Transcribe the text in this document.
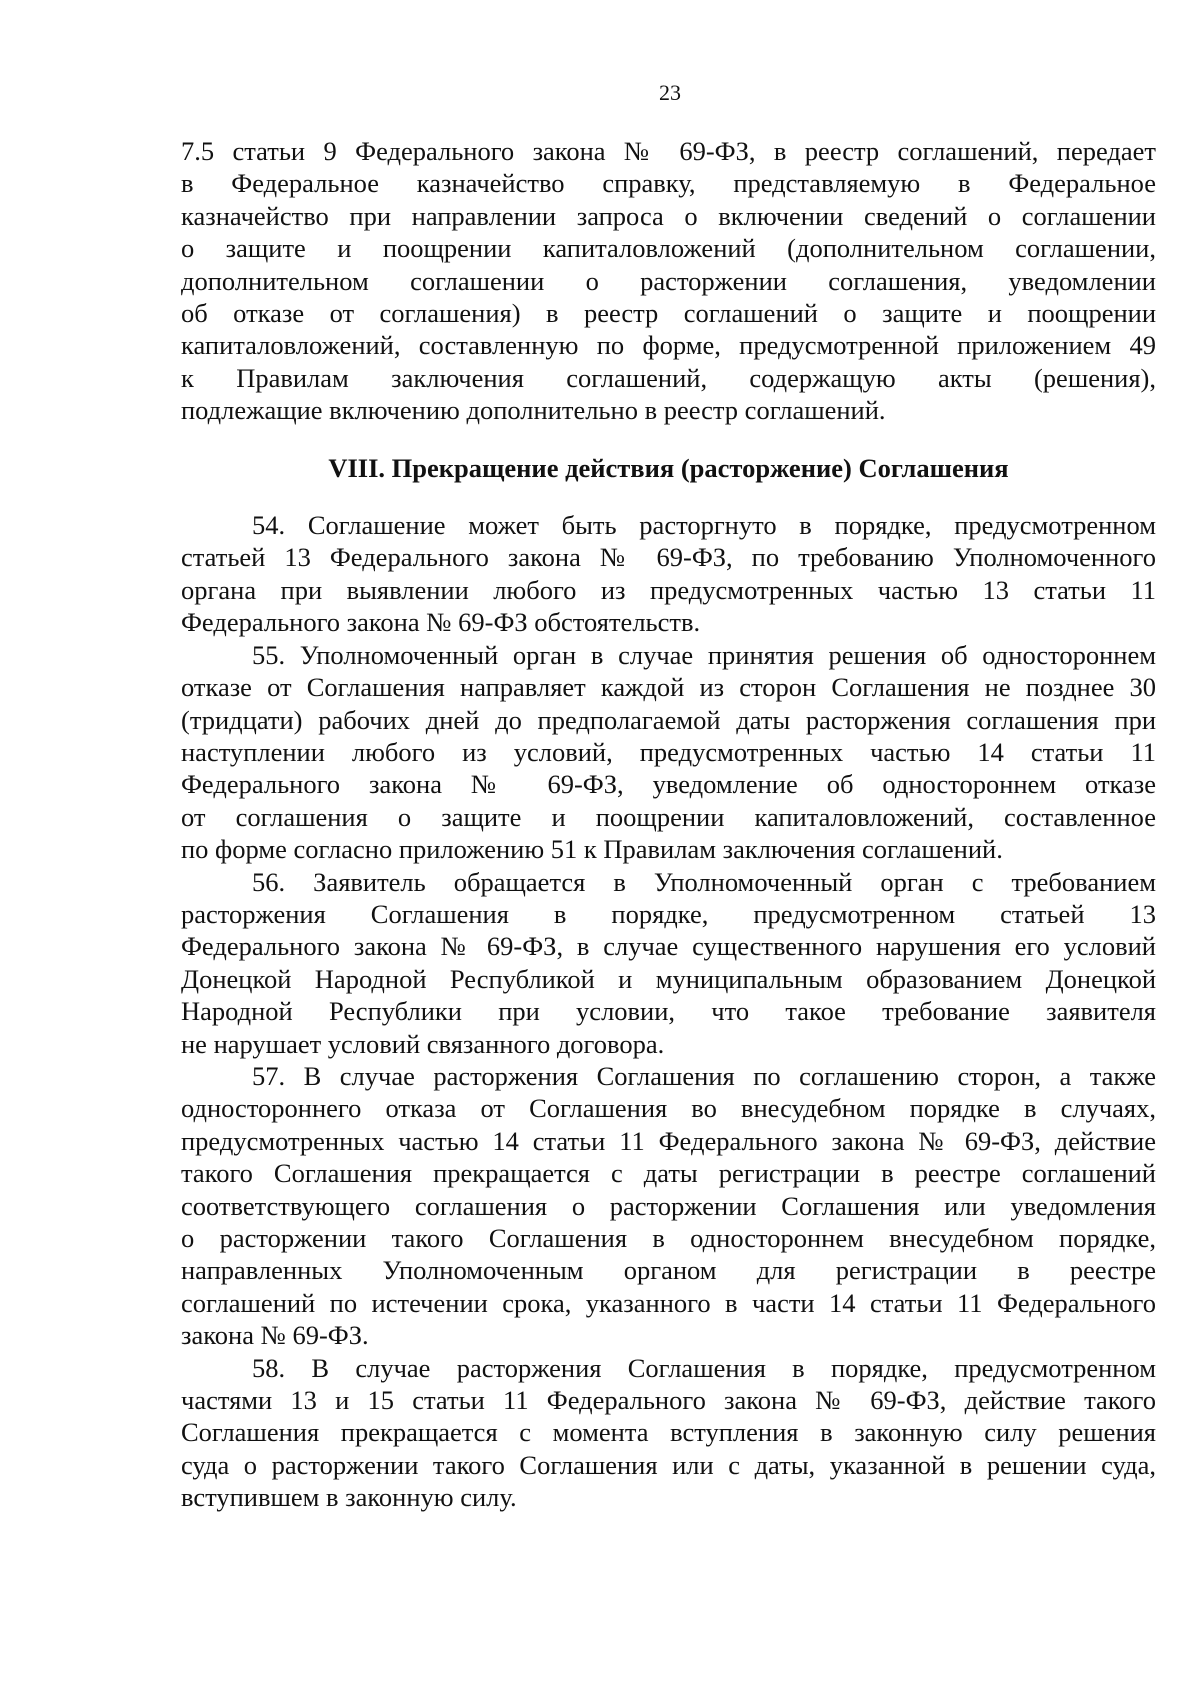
23

7.5 статьи 9 Федерального закона № 69-ФЗ, в реестр соглашений, передает
в Федеральное казначейство справку, представляемую в Федеральное
казначейство при направлении запроса о включении сведений о соглашении
о защите и поощрении капиталовложений (дополнительном соглашении,
дополнительном соглашении о расторжении соглашения, уведомлении
об отказе от соглашения) в реестр соглашений о защите и поощрении
капиталовложений, составленную по форме, предусмотренной приложением 49
к Правилам заключения соглашений, содержащую акты (решения),
подлежащие включению дополнительно в реестр соглашений.

VIII. Прекращение действия (расторжение) Соглашения

54. Соглашение может быть расторгнуто в порядке, предусмотренном
статьей 13 Федерального закона № 69-ФЗ, по требованию Уполномоченного
органа при выявлении любого из предусмотренных частью 13 статьи 11
Федерального закона № 69-ФЗ обстоятельств.

55. Уполномоченный орган в случае принятия решения об одностороннем
отказе от Соглашения направляет каждой из сторон Соглашения не позднее 30
(тридцати) рабочих дней до предполагаемой даты расторжения соглашения при
наступлении любого из условий, предусмотренных частью 14 статьи 11
Федерального закона № 69-ФЗ, уведомление об одностороннем отказе
от соглашения о защите и поощрении капиталовложений, составленное
по форме согласно приложению 51 к Правилам заключения соглашений.

56. Заявитель обращается в Уполномоченный орган с требованием
расторжения Соглашения в порядке, предусмотренном статьей 13
Федерального закона № 69-ФЗ, в случае существенного нарушения его условий
Донецкой Народной Республикой и муниципальным образованием Донецкой
Народной Республики при условии, что такое требование заявителя
не нарушает условий связанного договора.

57. В случае расторжения Соглашения по соглашению сторон, а также
одностороннего отказа от Соглашения во внесудебном порядке в случаях,
предусмотренных частью 14 статьи 11 Федерального закона № 69-ФЗ, действие
такого Соглашения прекращается с даты регистрации в реестре соглашений
соответствующего соглашения о расторжении Соглашения или уведомления
о расторжении такого Соглашения в одностороннем внесудебном порядке,
направленных Уполномоченным органом для регистрации в реестре
соглашений по истечении срока, указанного в части 14 статьи 11 Федерального
закона № 69-ФЗ.

58. В случае расторжения Соглашения в порядке, предусмотренном
частями 13 и 15 статьи 11 Федерального закона № 69-ФЗ, действие такого
Соглашения прекращается с момента вступления в законную силу решения
суда о расторжении такого Соглашения или с даты, указанной в решении суда,
вступившем в законную силу.
